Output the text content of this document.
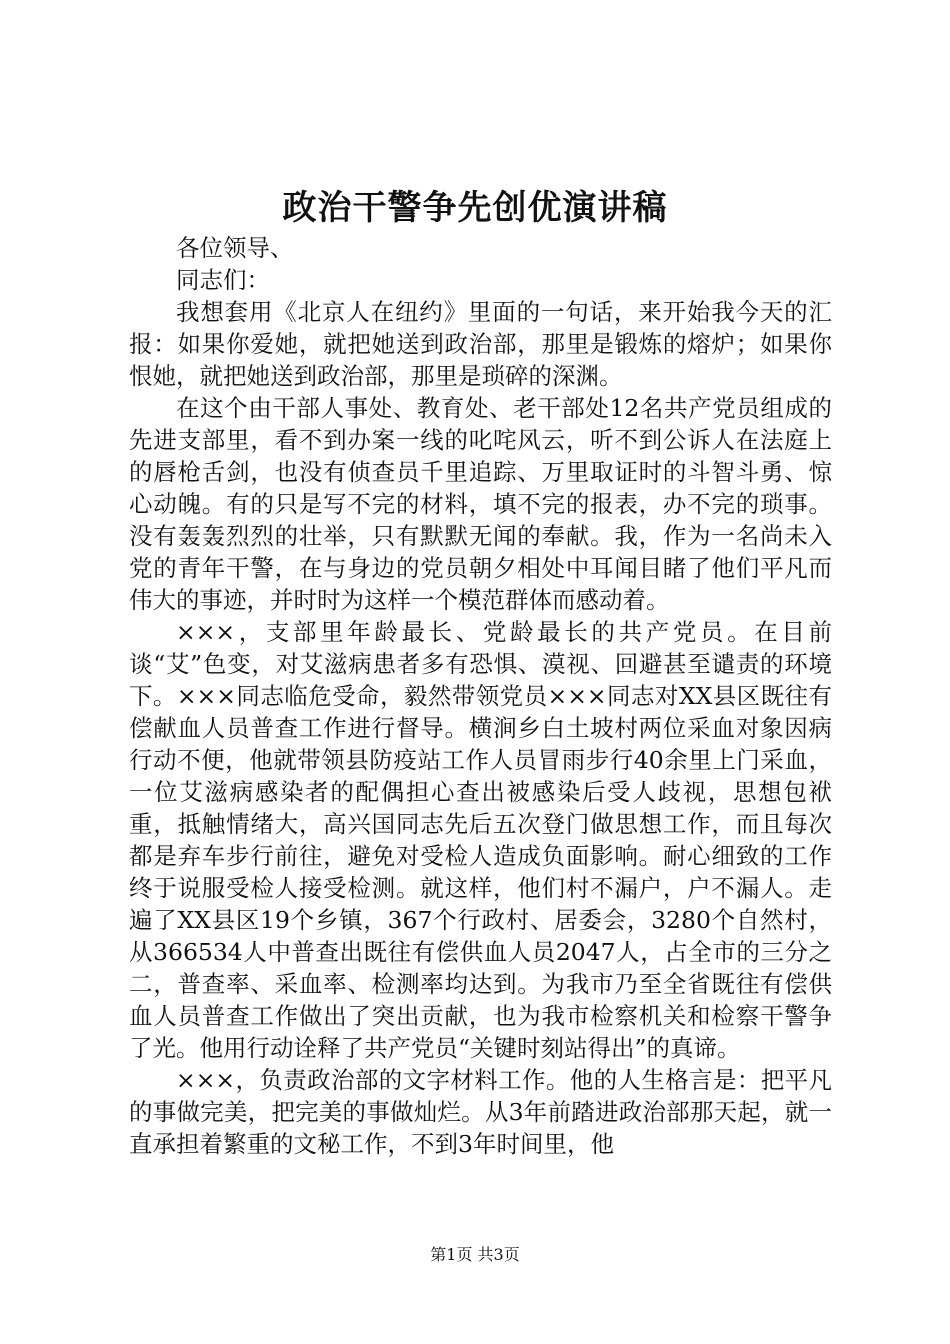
政治干警争先创优演讲稿

各位领导、

同志们：

我想套用《北京人在纽约》里面的一句话，来开始我今天的汇报：如果你爱她，就把她送到政治部，那里是锻炼的熔炉；如果你恨她，就把她送到政治部，那里是琐碎的深渊。

在这个由干部人事处、教育处、老干部处12名共产党员组成的先进支部里，看不到办案一线的叱咤风云，听不到公诉人在法庭上的唇枪舌剑，也没有侦查员千里追踪、万里取证时的斗智斗勇、惊心动魄。有的只是写不完的材料，填不完的报表，办不完的琐事。没有轰轰烈烈的壮举，只有默默无闻的奉献。我，作为一名尚未入党的青年干警，在与身边的党员朝夕相处中耳闻目睹了他们平凡而伟大的事迹，并时时为这样一个模范群体而感动着。

×××，支部里年龄最长、党龄最长的共产党员。在目前谈“艾”色变，对艾滋病患者多有恐惧、漠视、回避甚至谴责的环境下。×××同志临危受命，毅然带领党员×××同志对XX县区既往有偿献血人员普查工作进行督导。横涧乡白土坡村两位采血对象因病行动不便，他就带领县防疫站工作人员冒雨步行40余里上门采血，一位艾滋病感染者的配偶担心查出被感染后受人歧视，思想包袱重，抵触情绪大，高兴国同志先后五次登门做思想工作，而且每次都是弃车步行前往，避免对受检人造成负面影响。耐心细致的工作终于说服受检人接受检测。就这样，他们村不漏户，户不漏人。走遍了XX县区19个乡镇，367个行政村、居委会，3280个自然村，从366534人中普查出既往有偿供血人员2047人，占全市的三分之二，普查率、采血率、检测率均达到。为我市乃至全省既往有偿供血人员普查工作做出了突出贡献，也为我市检察机关和检察干警争了光。他用行动诠释了共产党员“关键时刻站得出”的真谛。

×××，负责政治部的文字材料工作。他的人生格言是：把平凡的事做完美，把完美的事做灿烂。从3年前踏进政治部那天起，就一直承担着繁重的文秘工作，不到3年时间里，他

第1页 共3页
